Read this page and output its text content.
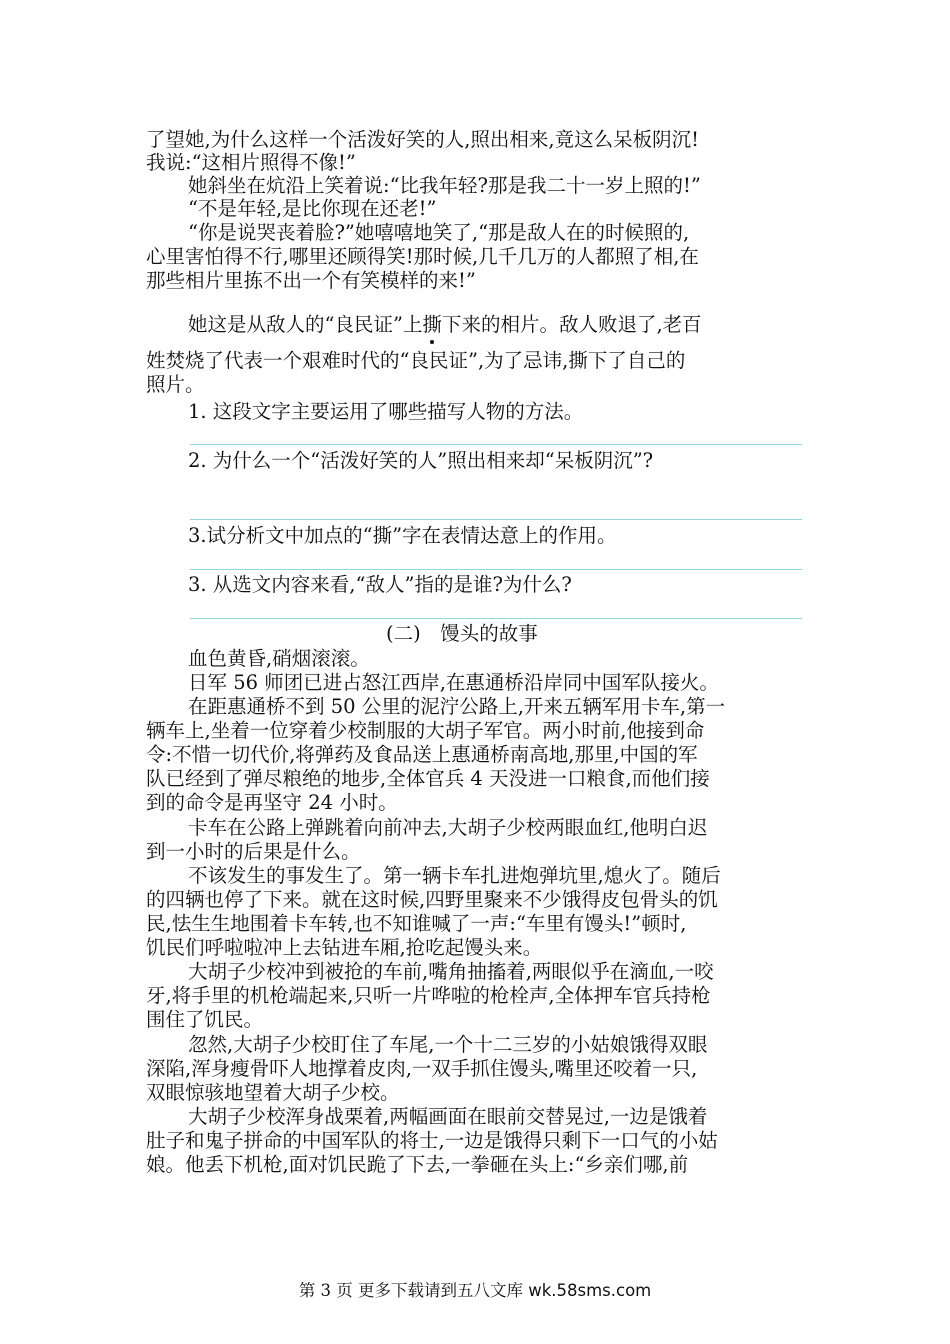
了望她,为什么这样一个活泼好笑的人,照出相来,竟这么呆板阴沉!
我说:“这相片照得不像!”
她斜坐在炕沿上笑着说:“比我年轻?那是我二十一岁上照的!”
“不是年轻,是比你现在还老!”
“你是说哭丧着脸?”她嘻嘻地笑了,“那是敌人在的时候照的,
心里害怕得不行,哪里还顾得笑!那时候,几千几万的人都照了相,在
那些相片里拣不出一个有笑模样的来!”
她这是从敌人的“良民证”上撕下来的相片。敌人败退了,老百
姓焚烧了代表一个艰难时代的“良民证”,为了忌讳,撕下了自己的
照片。
1. 这段文字主要运用了哪些描写人物的方法。
2. 为什么一个“活泼好笑的人”照出相来却“呆板阴沉”?
3.试分析文中加点的“撕”字在表情达意上的作用。
3. 从选文内容来看,“敌人”指的是谁?为什么?
(二)　馒头的故事
血色黄昏,硝烟滚滚。
日军 56 师团已进占怒江西岸,在惠通桥沿岸同中国军队接火。
在距惠通桥不到 50 公里的泥泞公路上,开来五辆军用卡车,第一
辆车上,坐着一位穿着少校制服的大胡子军官。两小时前,他接到命
令:不惜一切代价,将弹药及食品送上惠通桥南高地,那里,中国的军
队已经到了弹尽粮绝的地步,全体官兵 4 天没进一口粮食,而他们接
到的命令是再坚守 24 小时。
卡车在公路上弹跳着向前冲去,大胡子少校两眼血红,他明白迟
到一小时的后果是什么。
不该发生的事发生了。第一辆卡车扎进炮弹坑里,熄火了。随后
的四辆也停了下来。就在这时候,四野里聚来不少饿得皮包骨头的饥
民,怯生生地围着卡车转,也不知谁喊了一声:“车里有馒头!”顿时,
饥民们呼啦啦冲上去钻进车厢,抢吃起馒头来。
大胡子少校冲到被抢的车前,嘴角抽搐着,两眼似乎在滴血,一咬
牙,将手里的机枪端起来,只听一片哗啦的枪栓声,全体押车官兵持枪
围住了饥民。
忽然,大胡子少校盯住了车尾,一个十二三岁的小姑娘饿得双眼
深陷,浑身瘦骨吓人地撑着皮肉,一双手抓住馒头,嘴里还咬着一只,
双眼惊骇地望着大胡子少校。
大胡子少校浑身战栗着,两幅画面在眼前交替晃过,一边是饿着
肚子和鬼子拼命的中国军队的将士,一边是饿得只剩下一口气的小姑
娘。他丢下机枪,面对饥民跪了下去,一拳砸在头上:“乡亲们哪,前
第 3 页 更多下载请到五八文库 wk.58sms.com
